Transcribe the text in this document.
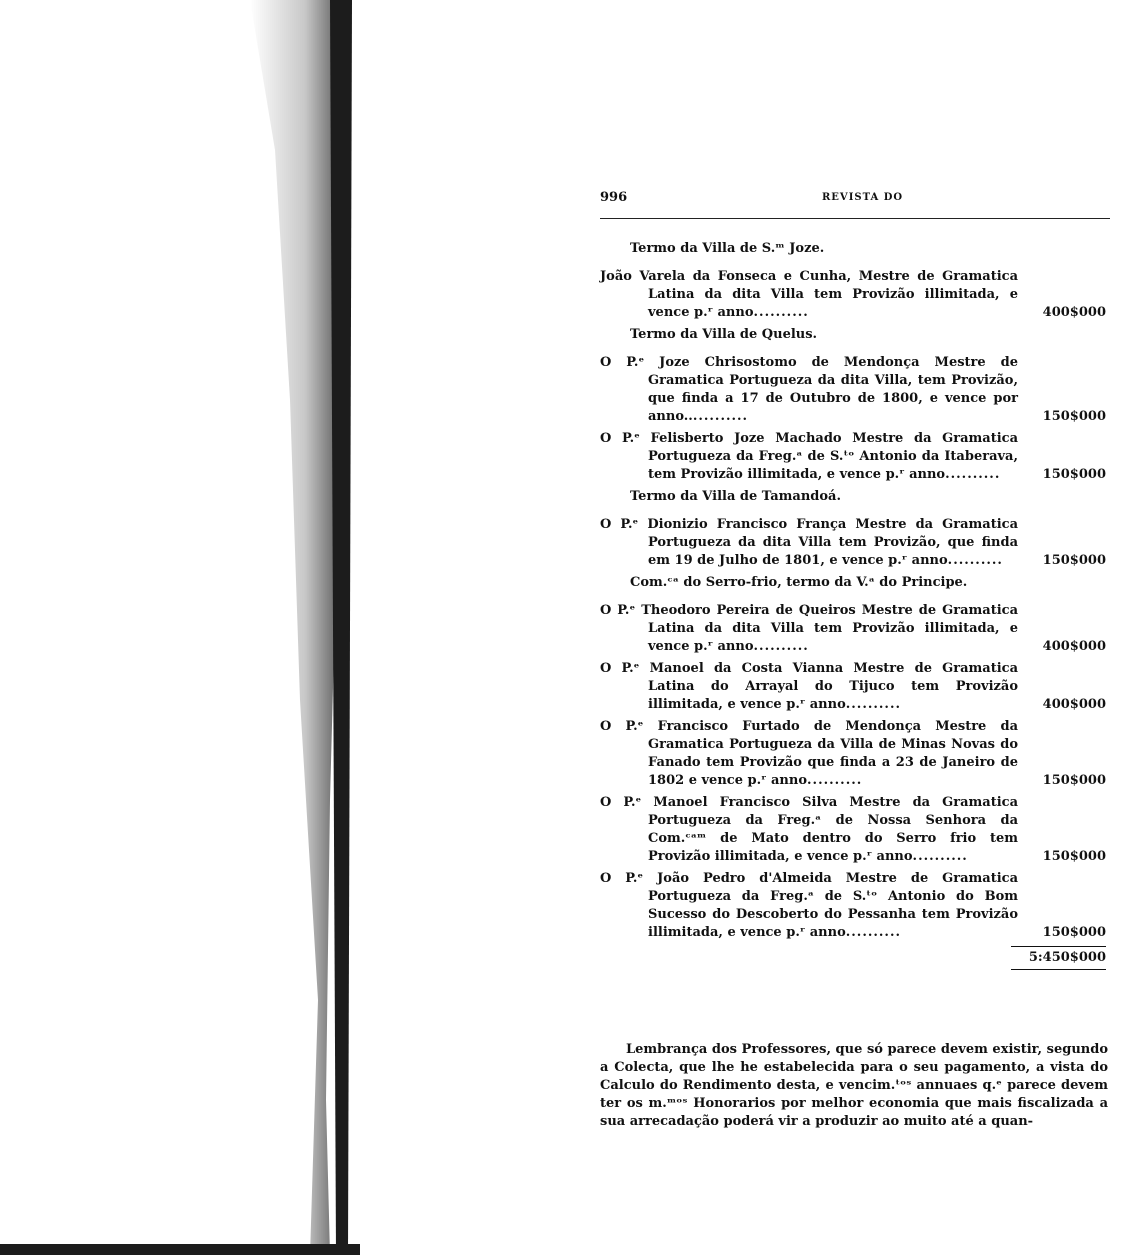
996	REVISTA DO
Termo da Villa de S.ᵐ Joze.
João Varela da Fonseca e Cunha, Mestre de Gramatica Latina da dita Villa tem Provizão illimitada, e vence p.ʳ anno..........	400$000
Termo da Villa de Quelus.
O P.ᵉ Joze Chrisostomo de Mendonça Mestre de Gramatica Portugueza da dita Villa, tem Provizão, que finda a 17 de Outubro de 1800, e vence por anno............	150$000
O P.ᵉ Felisberto Joze Machado Mestre da Gramatica Portugueza da Freg.ᵃ de S.ᵗᵒ Antonio da Itaberava, tem Provizão illimitada, e vence p.ʳ anno..........	150$000
Termo da Villa de Tamandoá.
O P.ᵉ Dionizio Francisco França Mestre da Gramatica Portugueza da dita Villa tem Provizão, que finda em 19 de Julho de 1801, e vence p.ʳ anno..........	150$000
Com.ᶜᵃ do Serro-frio, termo da V.ᵃ do Principe.
O P.ᵉ Theodoro Pereira de Queiros Mestre de Gramatica Latina da dita Villa tem Provizão illimitada, e vence p.ʳ anno..........	400$000
O P.ᵉ Manoel da Costa Vianna Mestre de Gramatica Latina do Arrayal do Tijuco tem Provizão illimitada, e vence p.ʳ anno..........	400$000
O P.ᵉ Francisco Furtado de Mendonça Mestre da Gramatica Portugueza da Villa de Minas Novas do Fanado tem Provizão que finda a 23 de Janeiro de 1802 e vence p.ʳ anno..........	150$000
O P.ᵉ Manoel Francisco Silva Mestre da Gramatica Portugueza da Freg.ᵃ de Nossa Senhora da Com.ᶜᵃᵐ de Mato dentro do Serro frio tem Provizão illimitada, e vence p.ʳ anno..........	150$000
O P.ᵉ João Pedro d'Almeida Mestre de Gramatica Portugueza da Freg.ᵃ de S.ᵗᵒ Antonio do Bom Sucesso do Descoberto do Pessanha tem Provizão illimitada, e vence p.ʳ anno..........	150$000
5:450$000

Lembrança dos Professores, que só parece devem existir, segundo a Colecta, que lhe he estabelecida para o seu pagamento, a vista do Calculo do Rendimento desta, e vencim.ᵗᵒˢ annuaes q.ᵉ parece devem ter os m.ᵐᵒˢ Honorarios por melhor economia que mais fiscalizada a sua arrecadação poderá vir a produzir ao muito até a quan-
